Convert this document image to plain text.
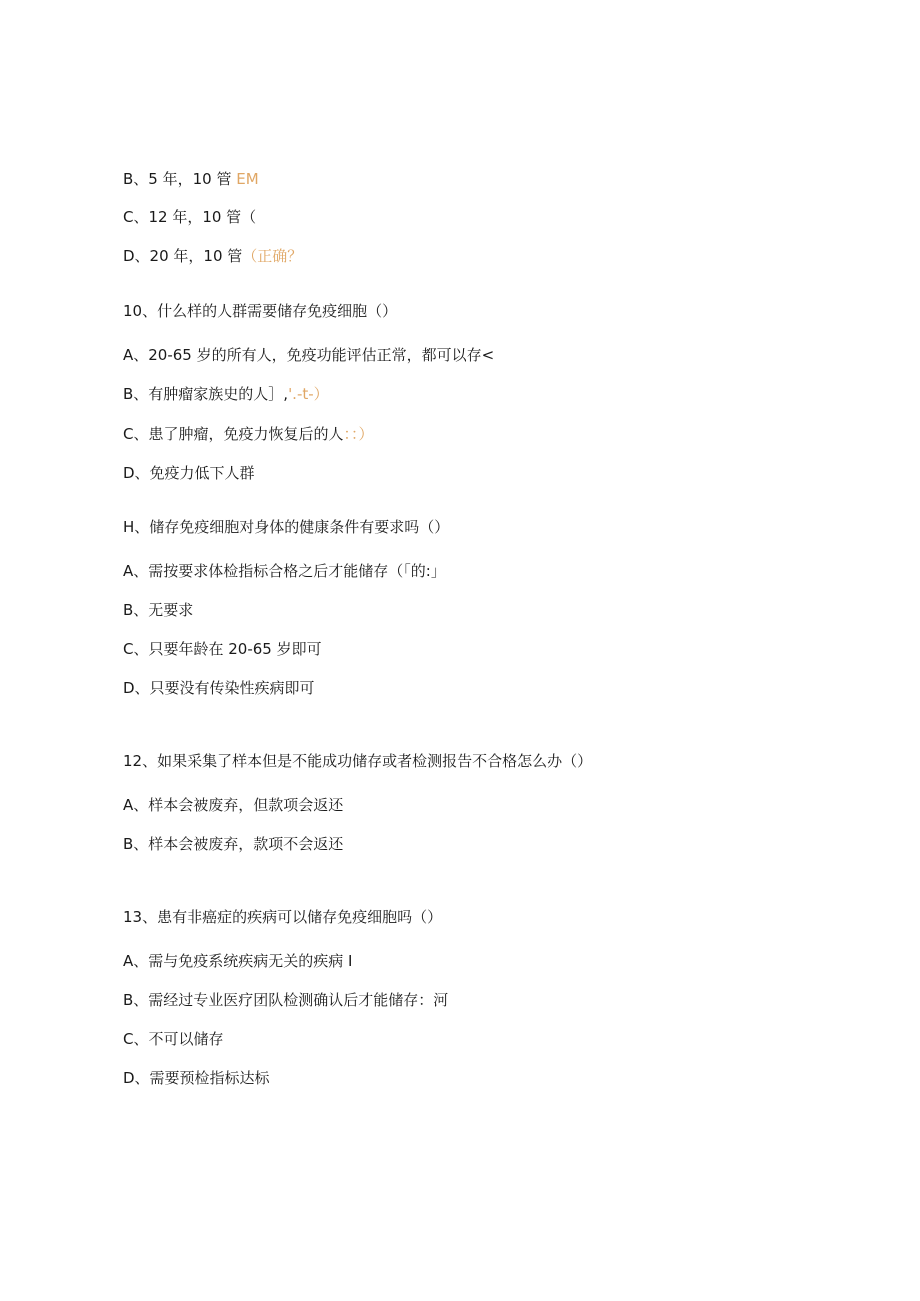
B、5 年，10 管 EM
C、12 年，10 管（
D、20 年，10 管（正确？
10、什么样的人群需要储存免疫细胞（）
A、20-65 岁的所有人，免疫功能评估正常，都可以存<
B、有肿瘤家族史的人］,'.-t-）
C、患了肿瘤，免疫力恢复后的人：：）
D、免疫力低下人群
H、储存免疫细胞对身体的健康条件有要求吗（）
A、需按要求体检指标合格之后才能储存（「的:」
B、无要求
C、只要年龄在 20-65 岁即可
D、只要没有传染性疾病即可
12、如果采集了样本但是不能成功储存或者检测报告不合格怎么办（）
A、样本会被废弃，但款项会返还
B、样本会被废弃，款项不会返还
13、患有非癌症的疾病可以储存免疫细胞吗（）
A、需与免疫系统疾病无关的疾病 I
B、需经过专业医疗团队检测确认后才能储存：河
C、不可以储存
D、需要预检指标达标
